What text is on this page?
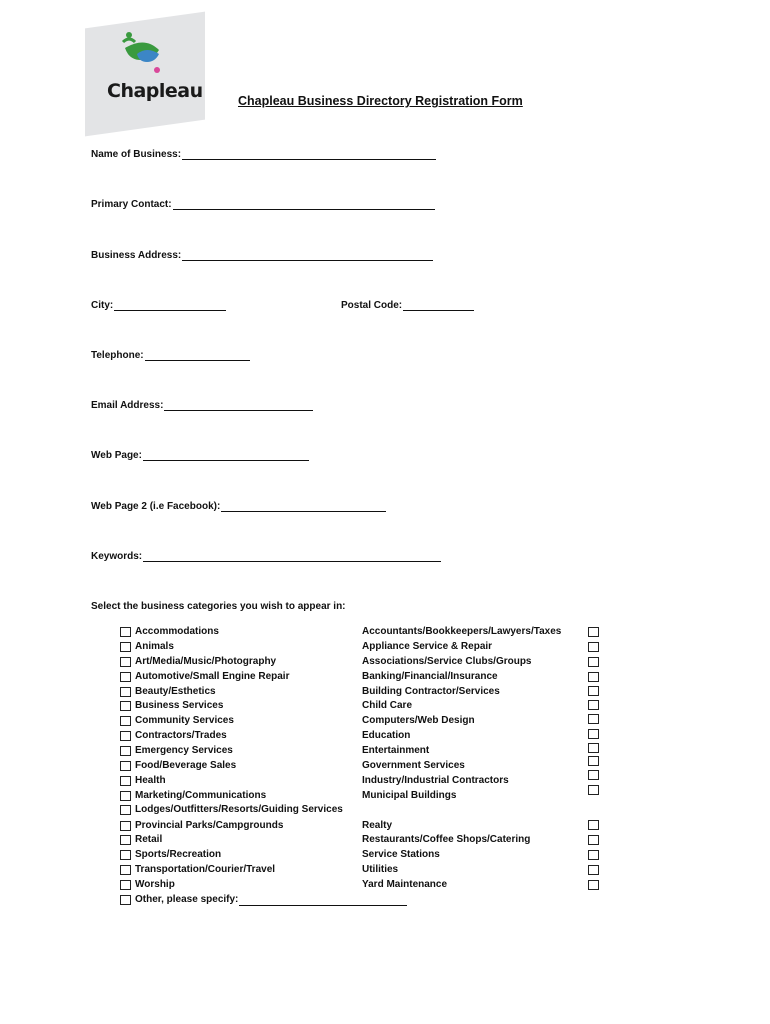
Chapleau	Chapleau Business Directory Registration Form
Name of Business:
Primary Contact:
Business Address:
City:	Postal Code:
Telephone:
Email Address:
Web Page:
Web Page 2 (i.e Facebook):
Keywords:
Select the business categories you wish to appear in:
Accommodations
Animals
Art/Media/Music/Photography
Automotive/Small Engine Repair
Beauty/Esthetics
Business Services
Community Services
Contractors/Trades
Emergency Services
Food/Beverage Sales
Health
Marketing/Communications
Lodges/Outfitters/Resorts/Guiding Services
Provincial Parks/Campgrounds
Retail
Sports/Recreation
Transportation/Courier/Travel
Worship
Other, please specify:
Accountants/Bookkeepers/Lawyers/Taxes
Appliance Service & Repair
Associations/Service Clubs/Groups
Banking/Financial/Insurance
Building Contractor/Services
Child Care
Computers/Web Design
Education
Entertainment
Government Services
Industry/Industrial Contractors
Municipal Buildings
Realty
Restaurants/Coffee Shops/Catering
Service Stations
Utilities
Yard Maintenance
